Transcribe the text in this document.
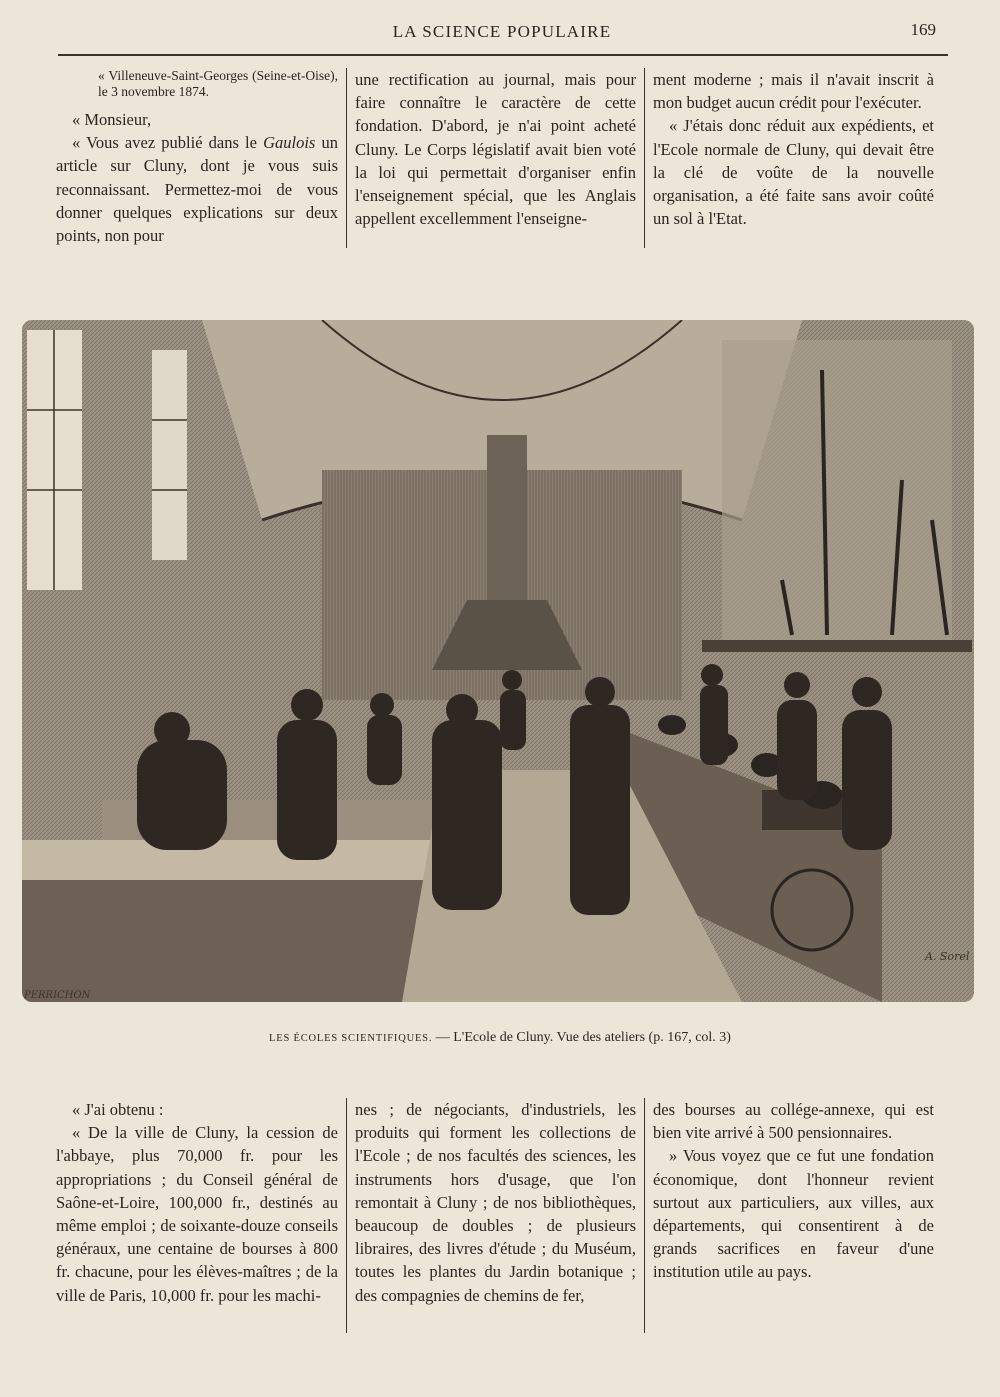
LA SCIENCE POPULAIRE	169

« Villeneuve-Saint-Georges (Seine-et-Oise), le 3 novembre 1874.

« Monsieur,

« Vous avez publié dans le Gaulois un article sur Cluny, dont je vous suis reconnaissant. Permettez-moi de vous donner quelques explications sur deux points, non pour

une rectification au journal, mais pour faire connaître le caractère de cette fondation. D'abord, je n'ai point acheté Cluny. Le Corps législatif avait bien voté la loi qui permettait d'organiser enfin l'enseignement spécial, que les Anglais appellent excellemment l'enseigne-

ment moderne ; mais il n'avait inscrit à mon budget aucun crédit pour l'exécuter.

« J'étais donc réduit aux expédients, et l'Ecole normale de Cluny, qui devait être la clé de voûte de la nouvelle organisation, a été faite sans avoir coûté un sol à l'Etat.

PERRICHON
A. Sorel
LES ÉCOLES SCIENTIFIQUES. — L'Ecole de Cluny. Vue des ateliers (p. 167, col. 3)

« J'ai obtenu :

« De la ville de Cluny, la cession de l'abbaye, plus 70,000 fr. pour les appropriations ; du Conseil général de Saône-et-Loire, 100,000 fr., destinés au même emploi ; de soixante-douze conseils généraux, une centaine de bourses à 800 fr. chacune, pour les élèves-maîtres ; de la ville de Paris, 10,000 fr. pour les machi-

nes ; de négociants, d'industriels, les produits qui forment les collections de l'Ecole ; de nos facultés des sciences, les instruments hors d'usage, que l'on remontait à Cluny ; de nos bibliothèques, beaucoup de doubles ; de plusieurs libraires, des livres d'étude ; du Muséum, toutes les plantes du Jardin botanique ; des compagnies de chemins de fer,

des bourses au collége-annexe, qui est bien vite arrivé à 500 pensionnaires.

» Vous voyez que ce fut une fondation économique, dont l'honneur revient surtout aux particuliers, aux villes, aux départements, qui consentirent à de grands sacrifices en faveur d'une institution utile au pays.
